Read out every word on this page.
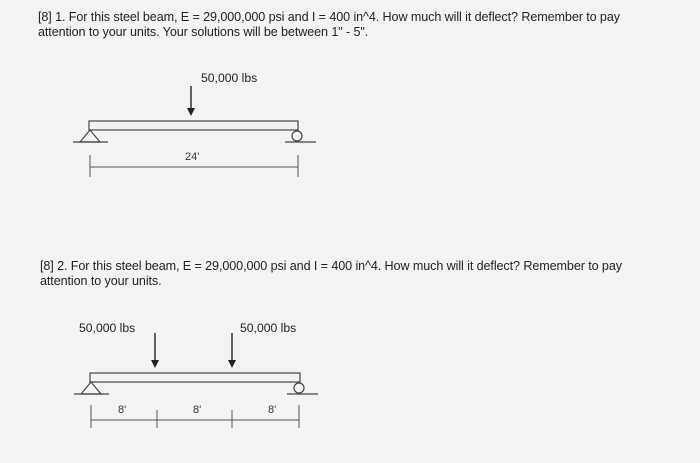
[8] 1. For this steel beam, E = 29,000,000 psi and I = 400 in^4. How much will it deflect? Remember to pay
attention to your units. Your solutions will be between 1" - 5".

[8] 2. For this steel beam, E = 29,000,000 psi and I = 400 in^4. How much will it deflect? Remember to pay
attention to your units.

50,000 lbs
24'
50,000 lbs	50,000 lbs
8'	8'	8'
